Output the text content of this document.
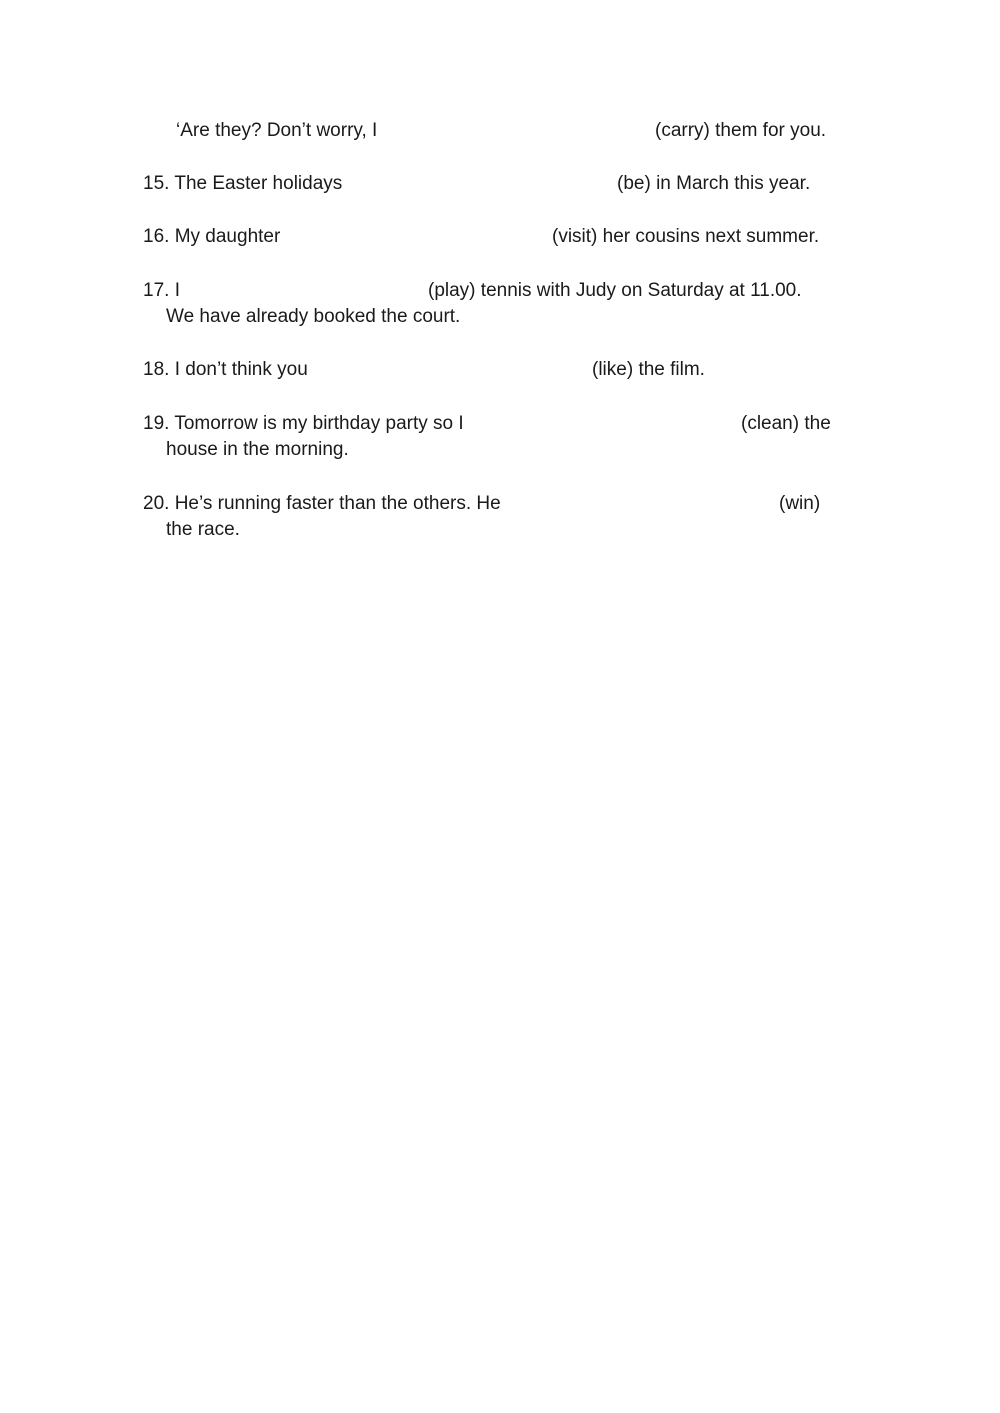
‘Are they? Don’t worry, I	(carry) them for you.
15. The Easter holidays	(be) in March this year.
16. My daughter	(visit) her cousins next summer.
17. I	(play) tennis with Judy on Saturday at 11.00.
We have already booked the court.
18. I don’t think you	(like) the film.
19. Tomorrow is my birthday party so I	(clean) the
house in the morning.
20. He’s running faster than the others. He	(win)
the race.
